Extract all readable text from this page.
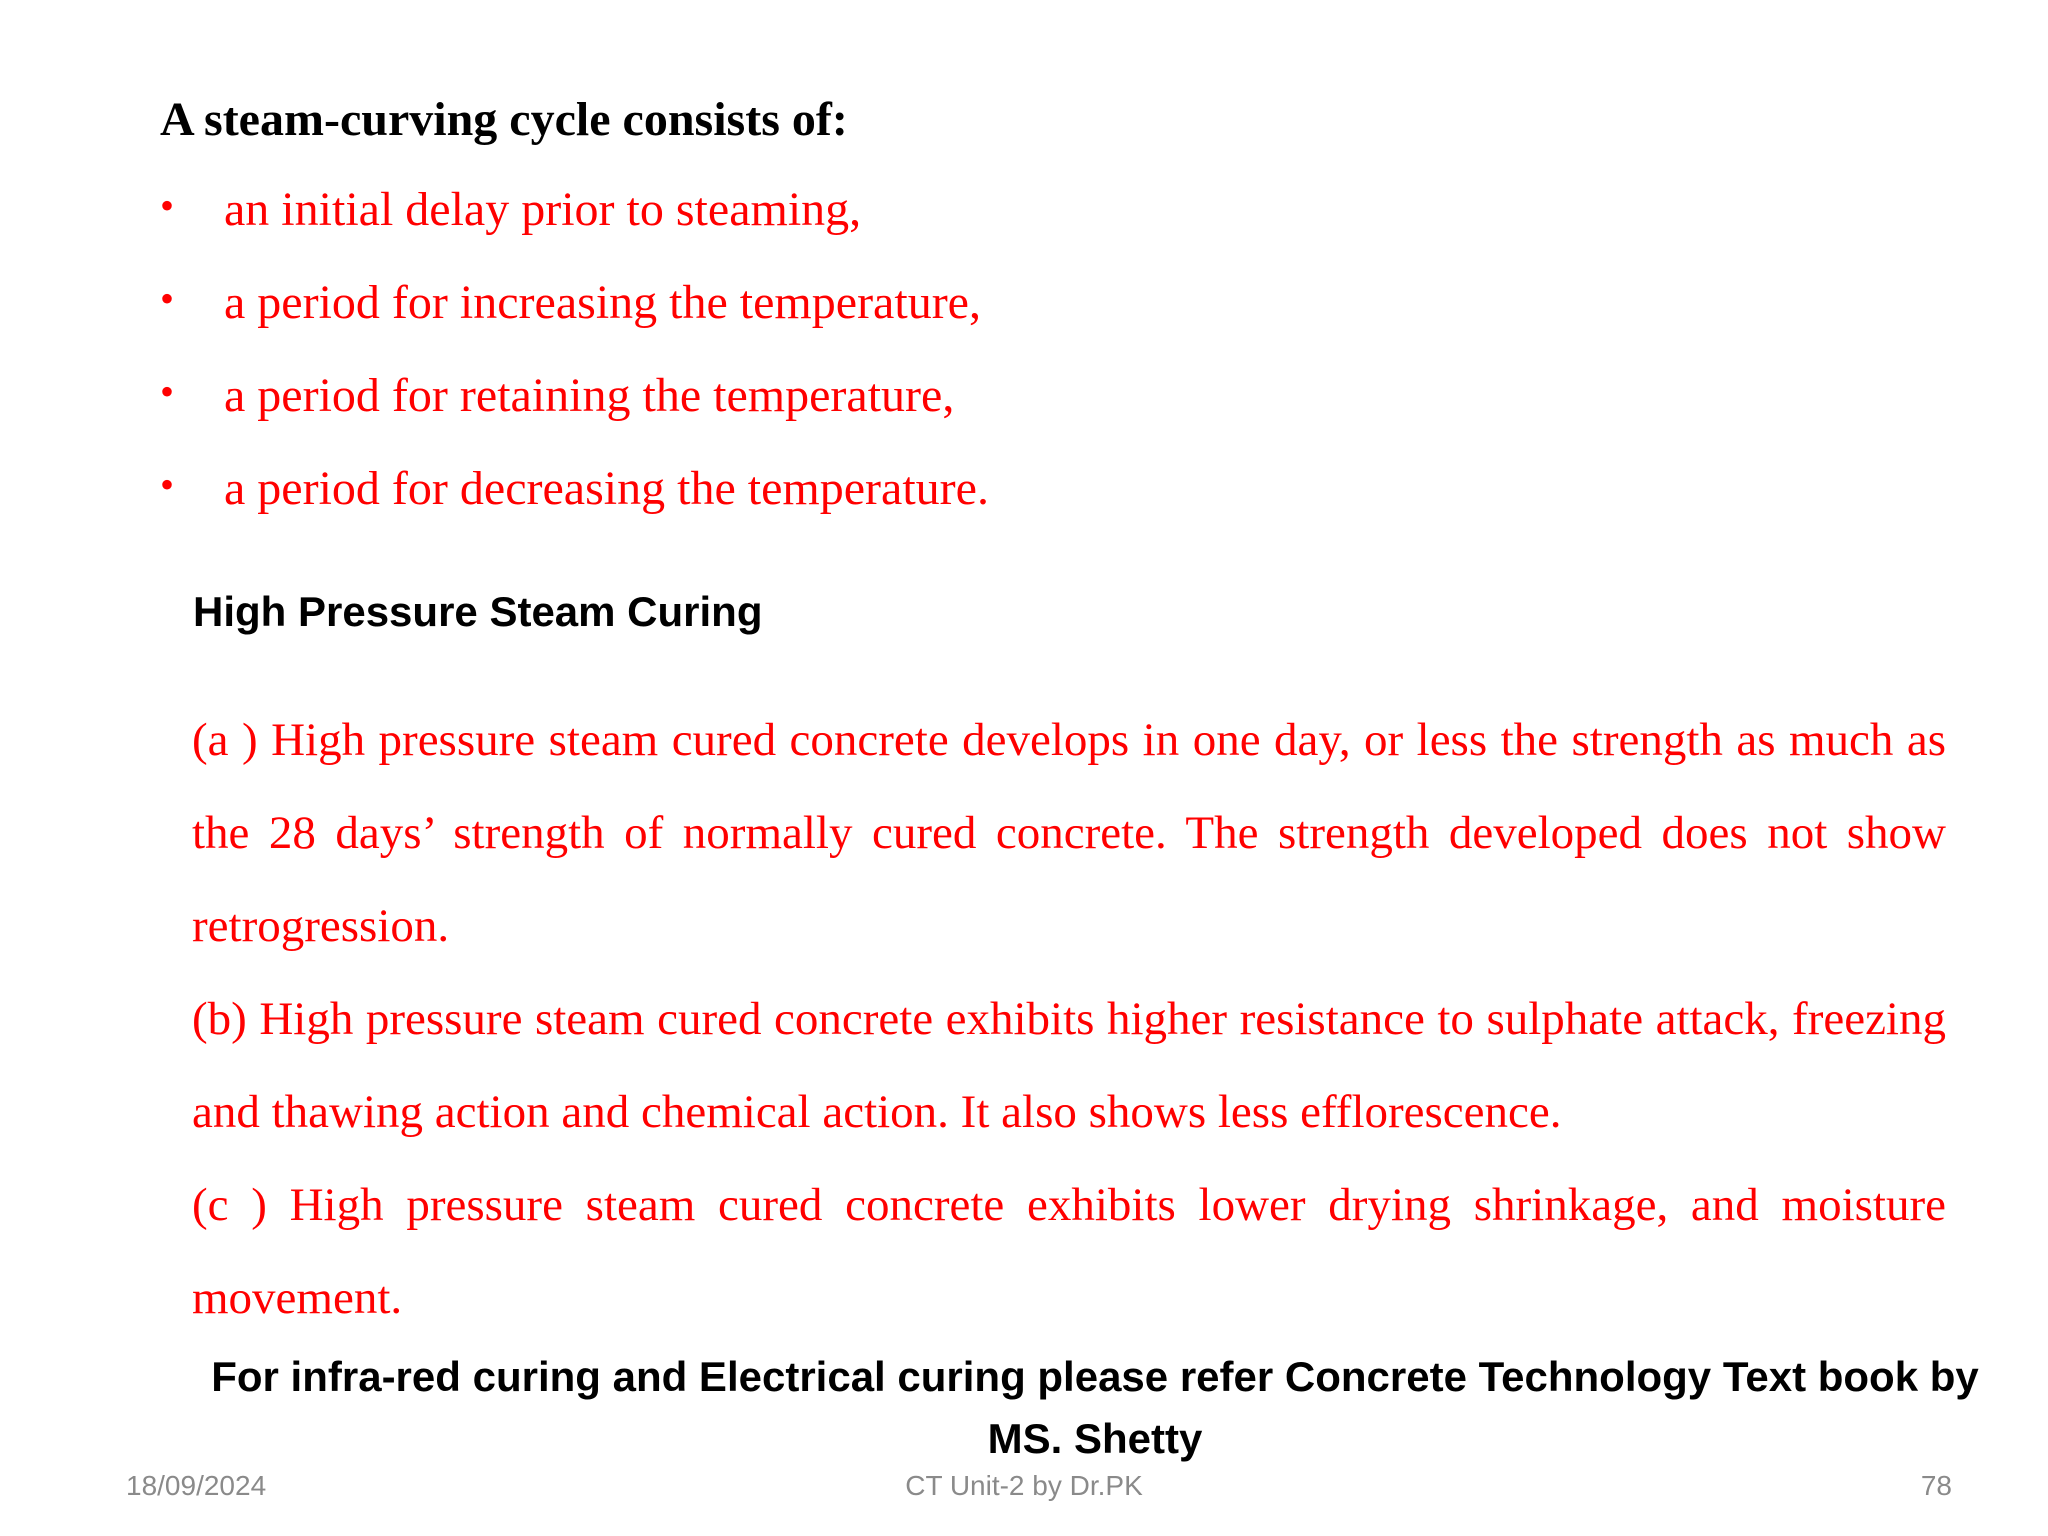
A steam-curving cycle consists of:
• an initial delay prior to steaming,
• a period for increasing the temperature,
• a period for retaining the temperature,
• a period for decreasing the temperature.
High Pressure Steam Curing

(a ) High pressure steam cured concrete develops in one day, or less the strength as much as the 28 days’ strength of normally cured concrete. The strength developed does not show retrogression.

(b) High pressure steam cured concrete exhibits higher resistance to sulphate attack, freezing and thawing action and chemical action. It also shows less efflorescence.

(c ) High pressure steam cured concrete exhibits lower drying shrinkage, and moisture movement.

For infra-red curing and Electrical curing please refer Concrete Technology Text book by MS. Shetty
18/09/2024	CT Unit-2 by Dr.PK	78
